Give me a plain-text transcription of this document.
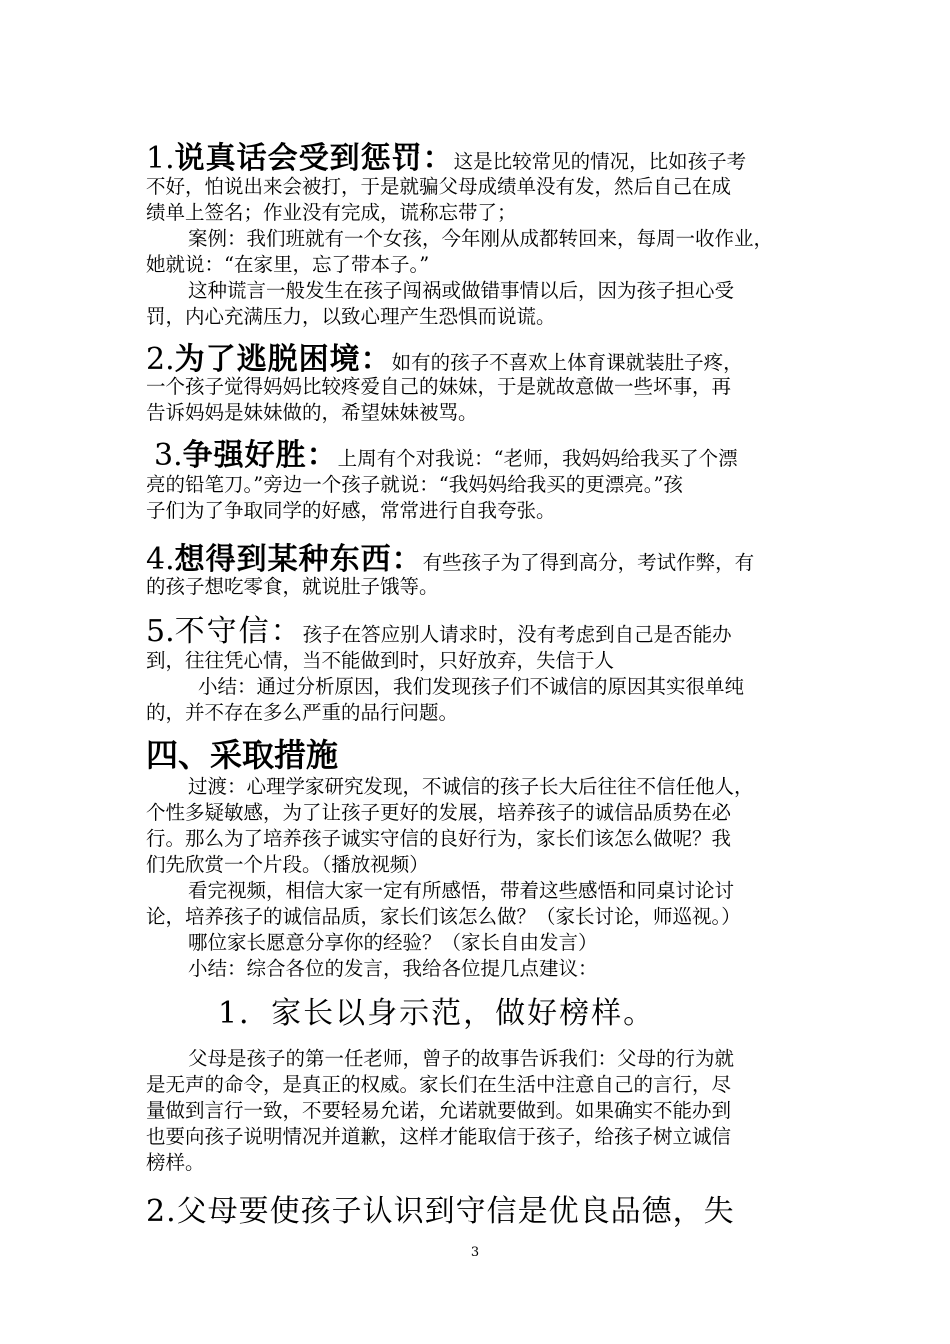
1.说真话会受到惩罚：这是比较常见的情况，比如孩子考
不好，怕说出来会被打，于是就骗父母成绩单没有发，然后自己在成
绩单上签名；作业没有完成，谎称忘带了；
案例：我们班就有一个女孩，今年刚从成都转回来，每周一收作业，
她就说：“在家里，忘了带本子。”
这种谎言一般发生在孩子闯祸或做错事情以后，因为孩子担心受
罚，内心充满压力，以致心理产生恐惧而说谎。
2.为了逃脱困境：如有的孩子不喜欢上体育课就装肚子疼，
一个孩子觉得妈妈比较疼爱自己的妹妹，于是就故意做一些坏事，再
告诉妈妈是妹妹做的，希望妹妹被骂。
3.争强好胜：上周有个对我说：“老师，我妈妈给我买了个漂
亮的铅笔刀。”旁边一个孩子就说：“我妈妈给我买的更漂亮。”孩
子们为了争取同学的好感，常常进行自我夸张。
4.想得到某种东西：有些孩子为了得到高分，考试作弊，有
的孩子想吃零食，就说肚子饿等。
5.不守信：孩子在答应别人请求时，没有考虑到自己是否能办
到，往往凭心情，当不能做到时，只好放弃，失信于人
小结：通过分析原因，我们发现孩子们不诚信的原因其实很单纯
的，并不存在多么严重的品行问题。
四、采取措施
过渡：心理学家研究发现，不诚信的孩子长大后往往不信任他人，
个性多疑敏感，为了让孩子更好的发展，培养孩子的诚信品质势在必
行。那么为了培养孩子诚实守信的良好行为，家长们该怎么做呢？我
们先欣赏一个片段。（播放视频）
看完视频，相信大家一定有所感悟，带着这些感悟和同桌讨论讨
论，培养孩子的诚信品质，家长们该怎么做？（家长讨论，师巡视。）
哪位家长愿意分享你的经验？（家长自由发言）
小结：综合各位的发言，我给各位提几点建议：
1．家长以身示范，做好榜样。
父母是孩子的第一任老师，曾子的故事告诉我们：父母的行为就
是无声的命令，是真正的权威。家长们在生活中注意自己的言行，尽
量做到言行一致，不要轻易允诺，允诺就要做到。如果确实不能办到
也要向孩子说明情况并道歉，这样才能取信于孩子，给孩子树立诚信
榜样。
2.父母要使孩子认识到守信是优良品德，失
3
